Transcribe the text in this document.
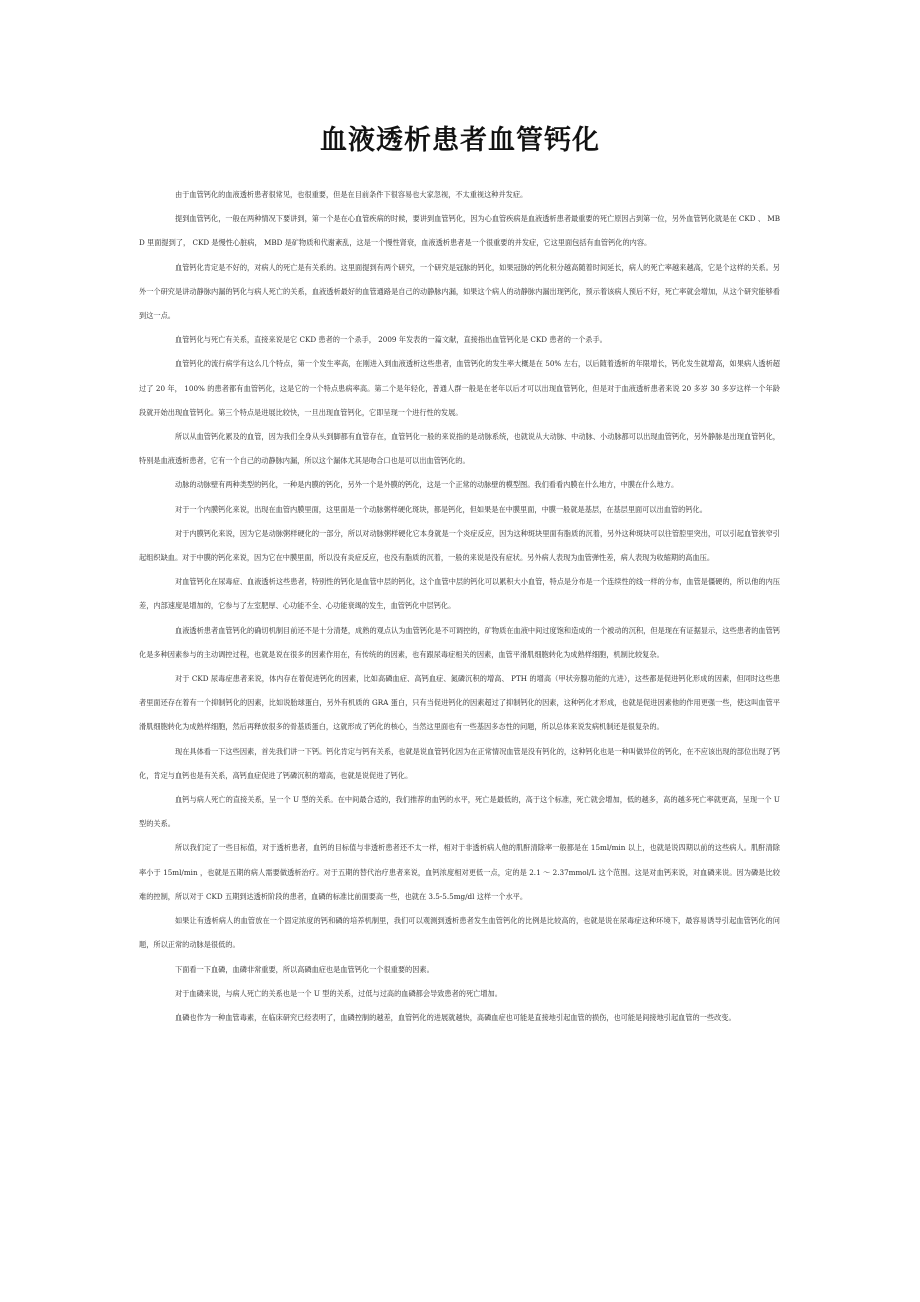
血液透析患者血管钙化

由于血管钙化的血液透析患者很常见，也很重要，但是在目前条件下很容易也大家忽视，不太重视这种并发症。

提到血管钙化，一般在两种情况下要讲到，第一个是在心血管疾病的时候，要讲到血管钙化，因为心血管疾病是血液透析患者最重要的死亡原因占到第一位，另外血管钙化就是在 CKD 、 MBD 里面提到了， CKD 是慢性心脏病， MBD 是矿物质和代谢紊乱，这是一个慢性肾衰，血液透析患者是一个很重要的并发症，它这里面包括有血管钙化的内容。

血管钙化肯定是不好的，对病人的死亡是有关系的。这里面提到有两个研究，一个研究是冠脉的钙化，如果冠脉的钙化积分越高随着时间延长，病人的死亡率越来越高，它是个这样的关系。另外一个研究是讲动静脉内漏的钙化与病人死亡的关系，血液透析最好的血管通路是自己的动静脉内漏，如果这个病人的动静脉内漏出现钙化，预示着该病人预后不好，死亡率就会增加，从这个研究能够看到这一点。

血管钙化与死亡有关系，直接来说是它 CKD 患者的一个杀手， 2009 年发表的一篇文献，直接指出血管钙化是 CKD 患者的一个杀手。

血管钙化的流行病学有这么几个特点，第一个发生率高，在刚进入到血液透析这些患者，血管钙化的发生率大概是在 50% 左右，以后随着透析的年限增长，钙化发生就增高，如果病人透析超过了 20 年， 100% 的患者都有血管钙化，这是它的一个特点患病率高。第二个是年轻化，普通人群一般是在老年以后才可以出现血管钙化，但是对于血液透析患者来说 20 多岁 30 多岁这样一个年龄段就开始出现血管钙化。第三个特点是进展比较快，一旦出现血管钙化，它即呈现一个进行性的发展。

所以从血管钙化累及的血管，因为我们全身从头到脚都有血管存在，血管钙化一般的来说指的是动脉系统，也就说从大动脉、中动脉、小动脉都可以出现血管钙化，另外静脉是出现血管钙化，特别是血液透析患者，它有一个自己的动静脉内漏，所以这个漏体尤其是吻合口也是可以出血管钙化的。

动脉的动脉壁有两种类型的钙化，一种是内膜的钙化，另外一个是外膜的钙化，这是一个正常的动脉壁的模型图。我们看看内膜在什么地方，中膜在什么地方。

对于一个内膜钙化来说，出现在血管内膜里面，这里面是一个动脉粥样硬化斑块，都是钙化，但如果是在中膜里面，中膜一般就是基层，在基层里面可以出血管的钙化。

对于内膜钙化来说，因为它是动脉粥样硬化的一部分，所以对动脉粥样硬化它本身就是一个炎症反应，因为这种斑块里面有脂质的沉着，另外这种斑块可以往管腔里突出，可以引起血管狭窄引起组织缺血。对于中膜的钙化来说，因为它在中膜里面，所以没有炎症反应，也没有脂质的沉着，一般的来说是没有症状。另外病人表现为血管弹性差，病人表现为收缩期的高血压。

对血管钙化在尿毒症、血液透析这些患者，特别性的钙化是血管中层的钙化，这个血管中层的钙化可以累积大小血管，特点是分布是一个连续性的线一样的分布，血管是僵硬的，所以他的内压差，内部速度是增加的，它参与了左室肥厚、心功能不全、心功能衰竭的发生，血管钙化中层钙化。

血液透析患者血管钙化的确切机制目前还不是十分清楚，成熟的观点认为血管钙化是不可调控的，矿物质在血液中间过度饱和造成的一个被动的沉积，但是现在有证据显示，这些患者的血管钙化是多种因素参与的主动调控过程，也就是说在很多的因素作用在，有传统的的因素，也有跟尿毒症相关的因素，血管平滑肌细胞转化为成熟样细胞，机制比较复杂。

对于 CKD 尿毒症患者来说，体内存在着促进钙化的因素，比如高磷血症、高钙血症、氮磷沉积的增高、 PTH 的增高（甲状旁腺功能的亢进），这些都是促进钙化形成的因素，但同时这些患者里面还存在着有一个抑制钙化的因素，比如说胎球蛋白，另外有机质的 GRA 蛋白，只有当促进钙化的因素超过了抑制钙化的因素，这种钙化才形成，也就是促进因素他的作用更强一些，使这叫血管平滑肌细胞转化为成熟样细胞，然后再释放很多的骨基质蛋白，这就形成了钙化的核心，当然这里面也有一些基因多态性的问题，所以总体来说发病机制还是很复杂的。

现在具体看一下这些因素，首先我们讲一下钙。钙化肯定与钙有关系，也就是说血管钙化因为在正常情况血管是没有钙化的，这种钙化也是一种叫做异位的钙化，在不应该出现的部位出现了钙化，肯定与血钙也是有关系，高钙血症促进了钙磷沉积的增高，也就是说促进了钙化。

血钙与病人死亡的直接关系，呈一个 U 型的关系。在中间最合适的，我们推荐的血钙的水平，死亡是最低的，高于这个标准，死亡就会增加，低的越多，高的越多死亡率就更高，呈现一个 U 型的关系。

所以我们定了一些目标值，对于透析患者，血钙的目标值与非透析患者还不太一样，相对于非透析病人他的肌酐清除率一般都是在 15ml/min 以上，也就是说四期以前的这些病人。肌酐清除率小于 15ml/min ，也就是五期的病人需要做透析治疗。对于五期的替代治疗患者来说，血钙浓度相对更低一点，定的是 2.1 ～ 2.37mmol/L 这个范围。这是对血钙来说，对血磷来说。因为磷是比较难的控制，所以对于 CKD 五期到达透析阶段的患者，血磷的标准比前面要高一些，也就在 3.5-5.5mg/dl 这样一个水平。

如果让有透析病人的血管放在一个固定浓度的钙和磷的培养机制里，我们可以观测到透析患者发生血管钙化的比例是比较高的，也就是说在尿毒症这种环境下，最容易诱导引起血管钙化的问题，所以正常的动脉是很低的。

下面看一下血磷，血磷非常重要，所以高磷血症也是血管钙化一个很重要的因素。

对于血磷来说，与病人死亡的关系也是一个 U 型的关系，过低与过高的血磷都会导致患者的死亡增加。

血磷也作为一种血管毒素，在临床研究已经表明了，血磷控制的越差，血管钙化的进展就越快，高磷血症也可能是直接地引起血管的损伤，也可能是间接地引起血管的一些改变。
